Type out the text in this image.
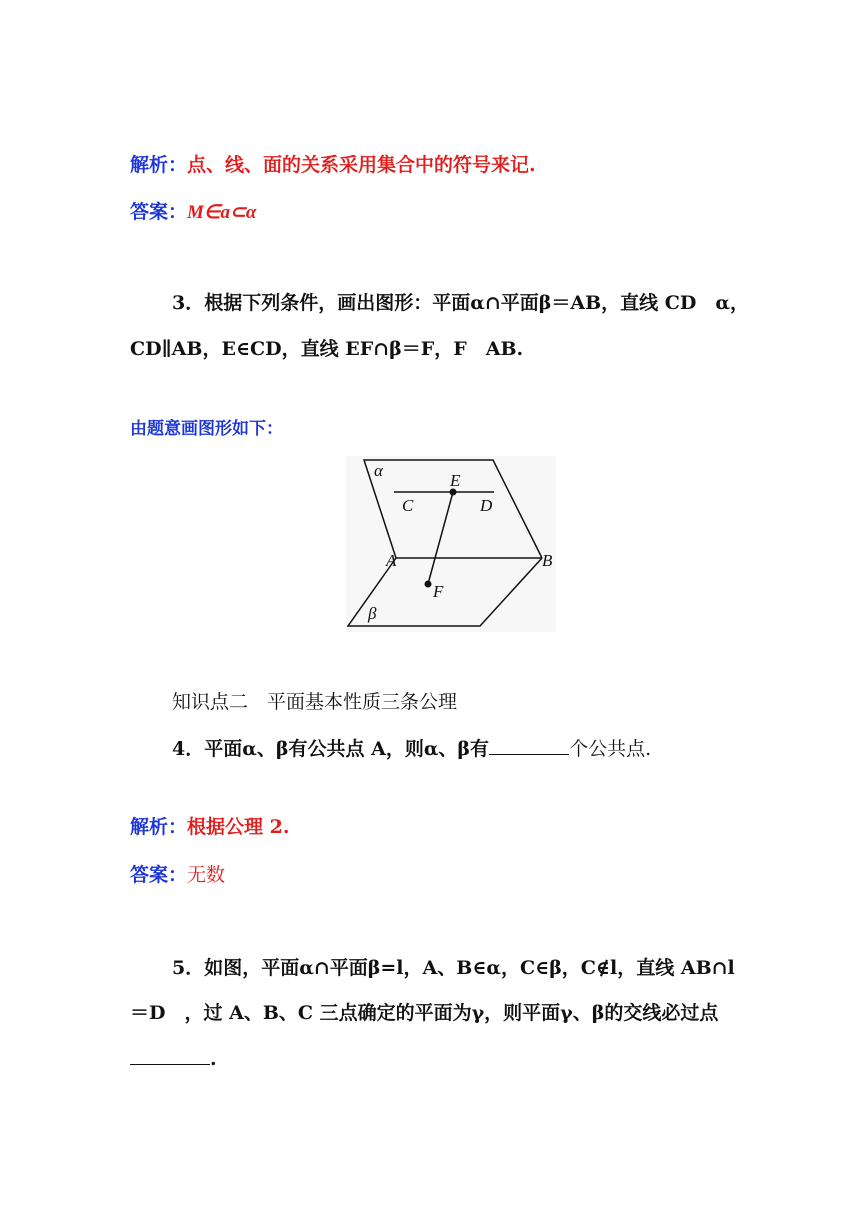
解析：点、线、面的关系采用集合中的符号来记.
答案：M∈a⊂α
3．根据下列条件，画出图形：平面α∩平面β＝AB，直线 CD　α，
CD∥AB，E∈CD，直线 EF∩β＝F，F　AB.
由题意画图形如下：
α
E
C	D
A	B
F
β
知识点二　平面基本性质三条公理
4．平面α、β有公共点 A，则α、β有	个公共点.
解析：根据公理 2.
答案：无数
5．如图，平面α∩平面β=l，A、B∈α，C∈β，C∉l，直线 AB∩l
＝D　，过 A、B、C 三点确定的平面为γ，则平面γ、β的交线必过点
.
